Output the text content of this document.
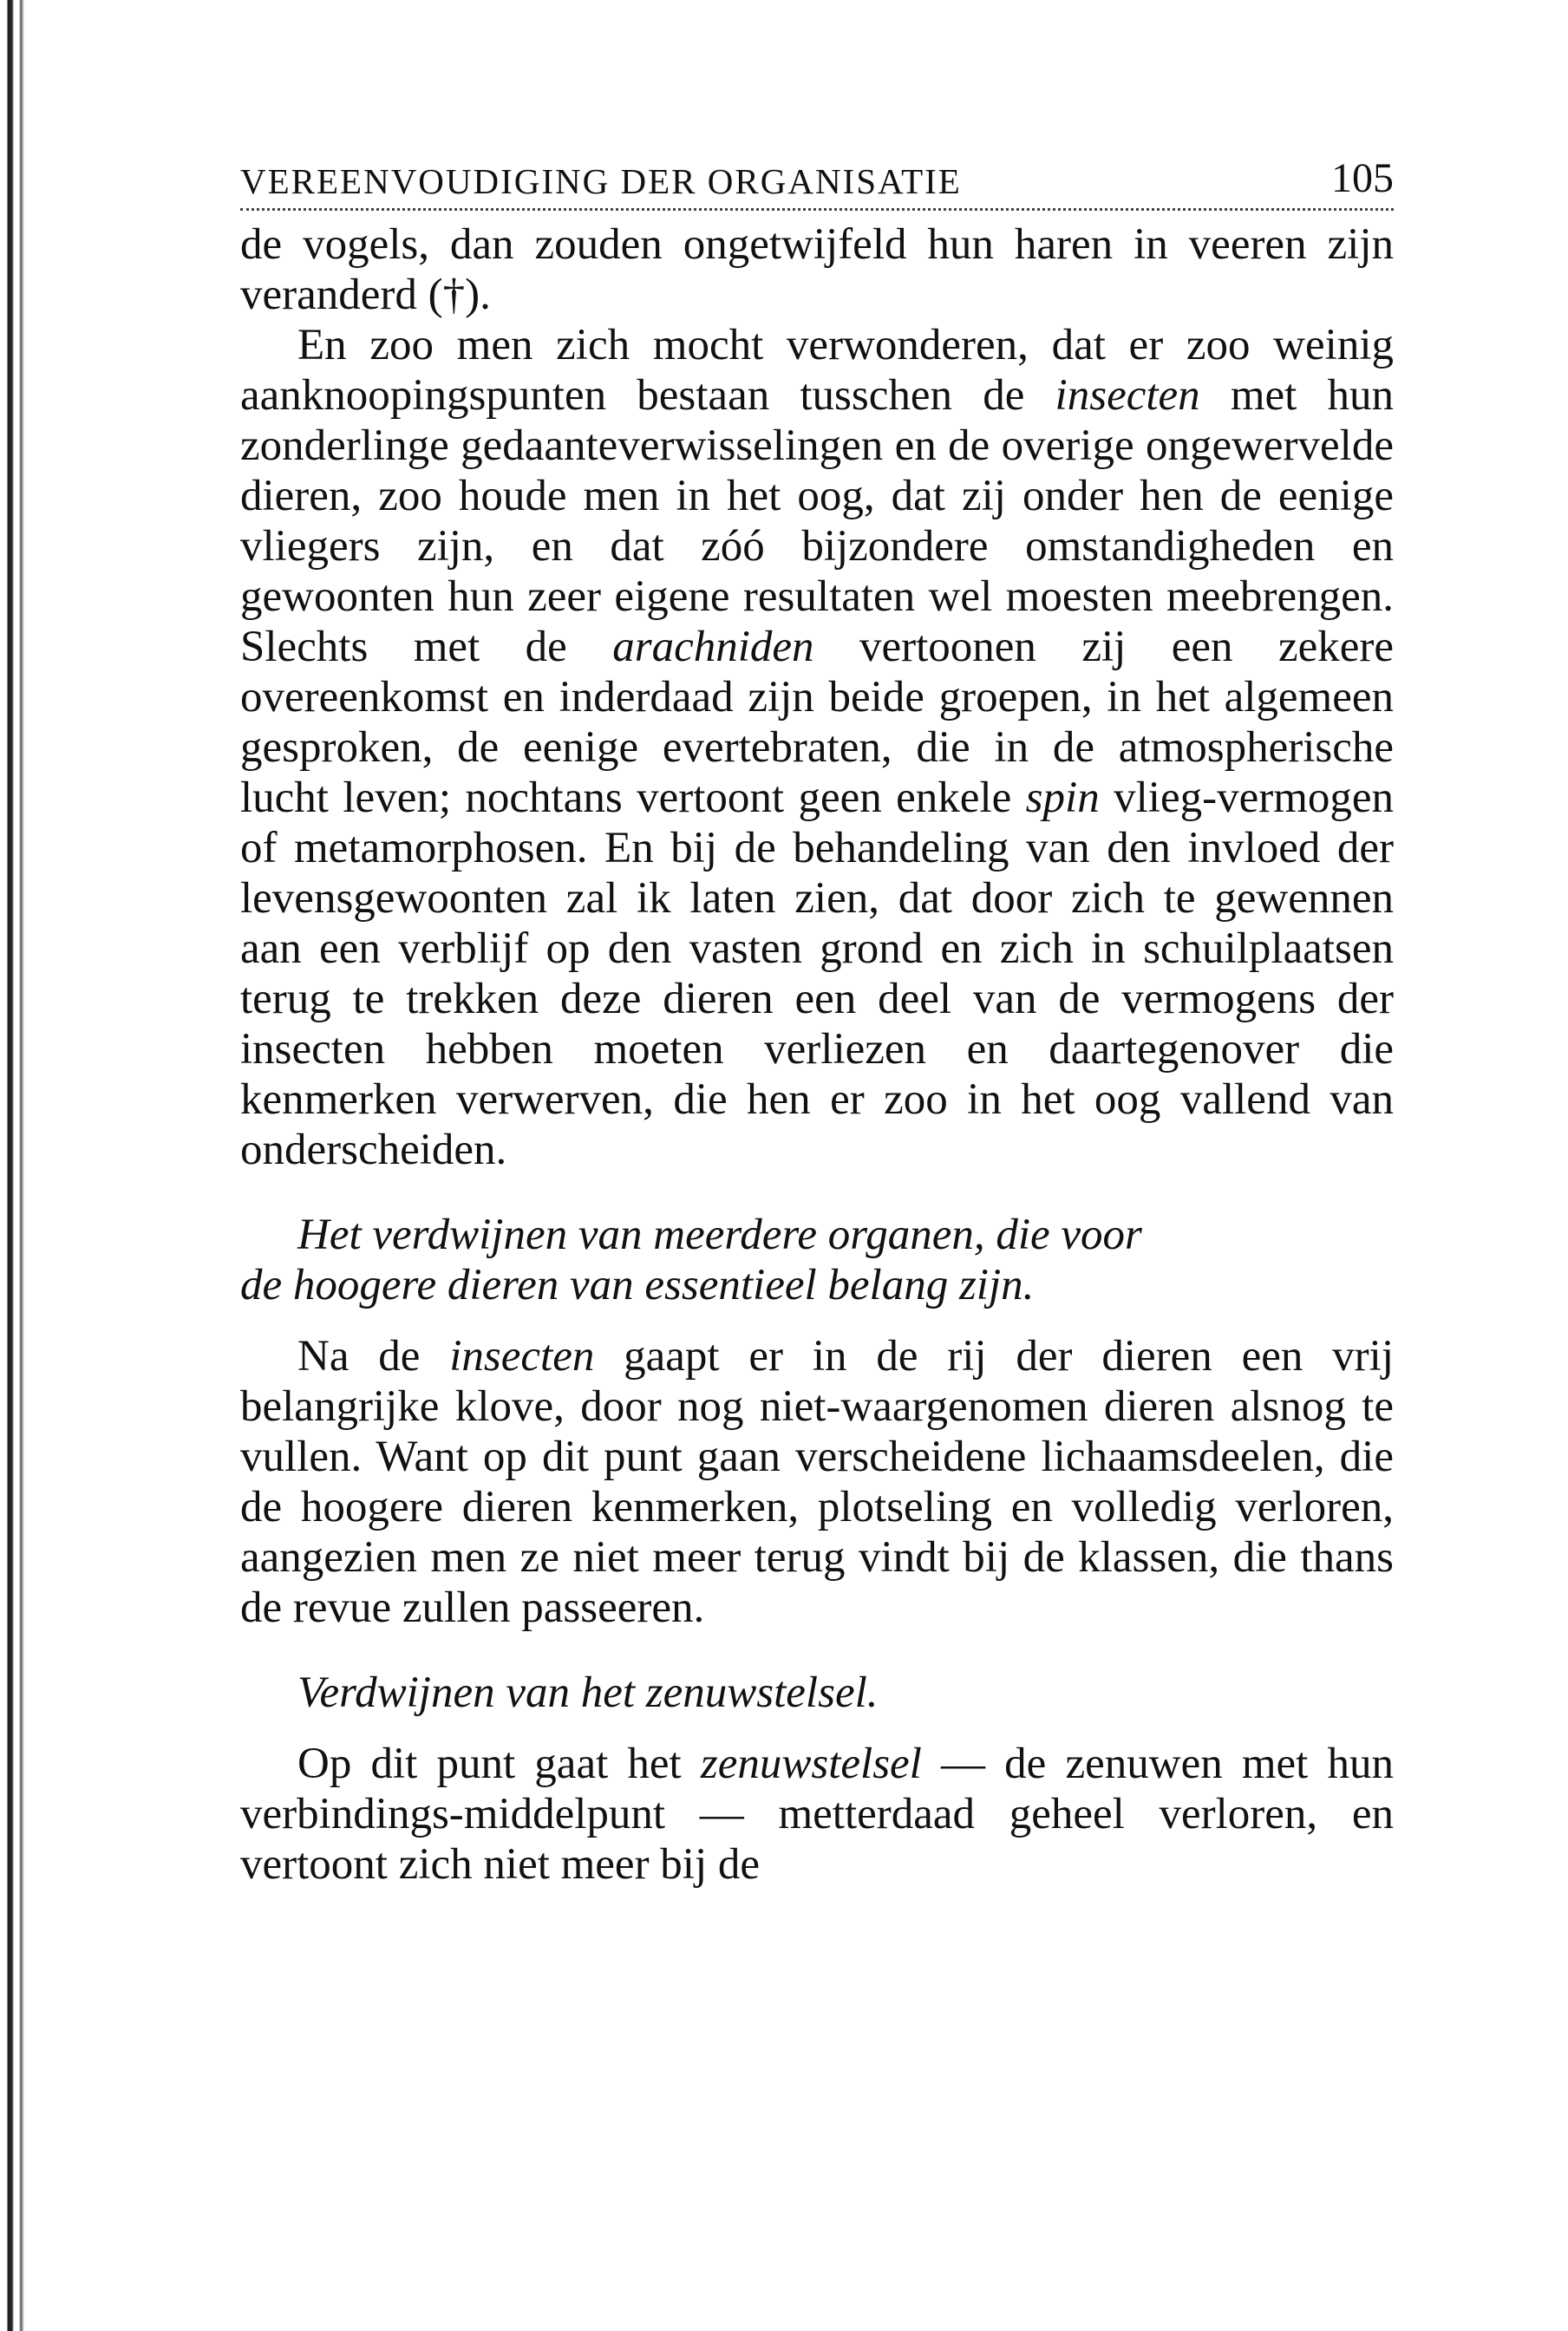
VEREENVOUDIGING DER ORGANISATIE	105

de vogels, dan zouden ongetwijfeld hun haren in veeren zijn veranderd (†).

En zoo men zich mocht verwonderen, dat er zoo weinig aanknoopingspunten bestaan tusschen de insecten met hun zonderlinge gedaanteverwisselingen en de overige ongewervelde dieren, zoo houde men in het oog, dat zij onder hen de eenige vliegers zijn, en dat zóó bijzondere omstandigheden en gewoonten hun zeer eigene resultaten wel moesten meebrengen. Slechts met de arachniden vertoonen zij een zekere overeenkomst en inderdaad zijn beide groepen, in het algemeen gesproken, de eenige evertebraten, die in de atmospherische lucht leven; nochtans vertoont geen enkele spin vlieg-vermogen of metamorphosen. En bij de behandeling van den invloed der levensgewoonten zal ik laten zien, dat door zich te gewennen aan een verblijf op den vasten grond en zich in schuilplaatsen terug te trekken deze dieren een deel van de vermogens der insecten hebben moeten verliezen en daartegenover die kenmerken verwerven, die hen er zoo in het oog vallend van onderscheiden.

Het verdwijnen van meerdere organen, die voor
de hoogere dieren van essentieel belang zijn.

Na de insecten gaapt er in de rij der dieren een vrij belangrijke klove, door nog niet-waargenomen dieren alsnog te vullen. Want op dit punt gaan verscheidene lichaamsdeelen, die de hoogere dieren kenmerken, plotseling en volledig verloren, aangezien men ze niet meer terug vindt bij de klassen, die thans de revue zullen passeeren.

Verdwijnen van het zenuwstelsel.

Op dit punt gaat het zenuwstelsel — de zenuwen met hun verbindings-middelpunt — metterdaad geheel verloren, en vertoont zich niet meer bij de
